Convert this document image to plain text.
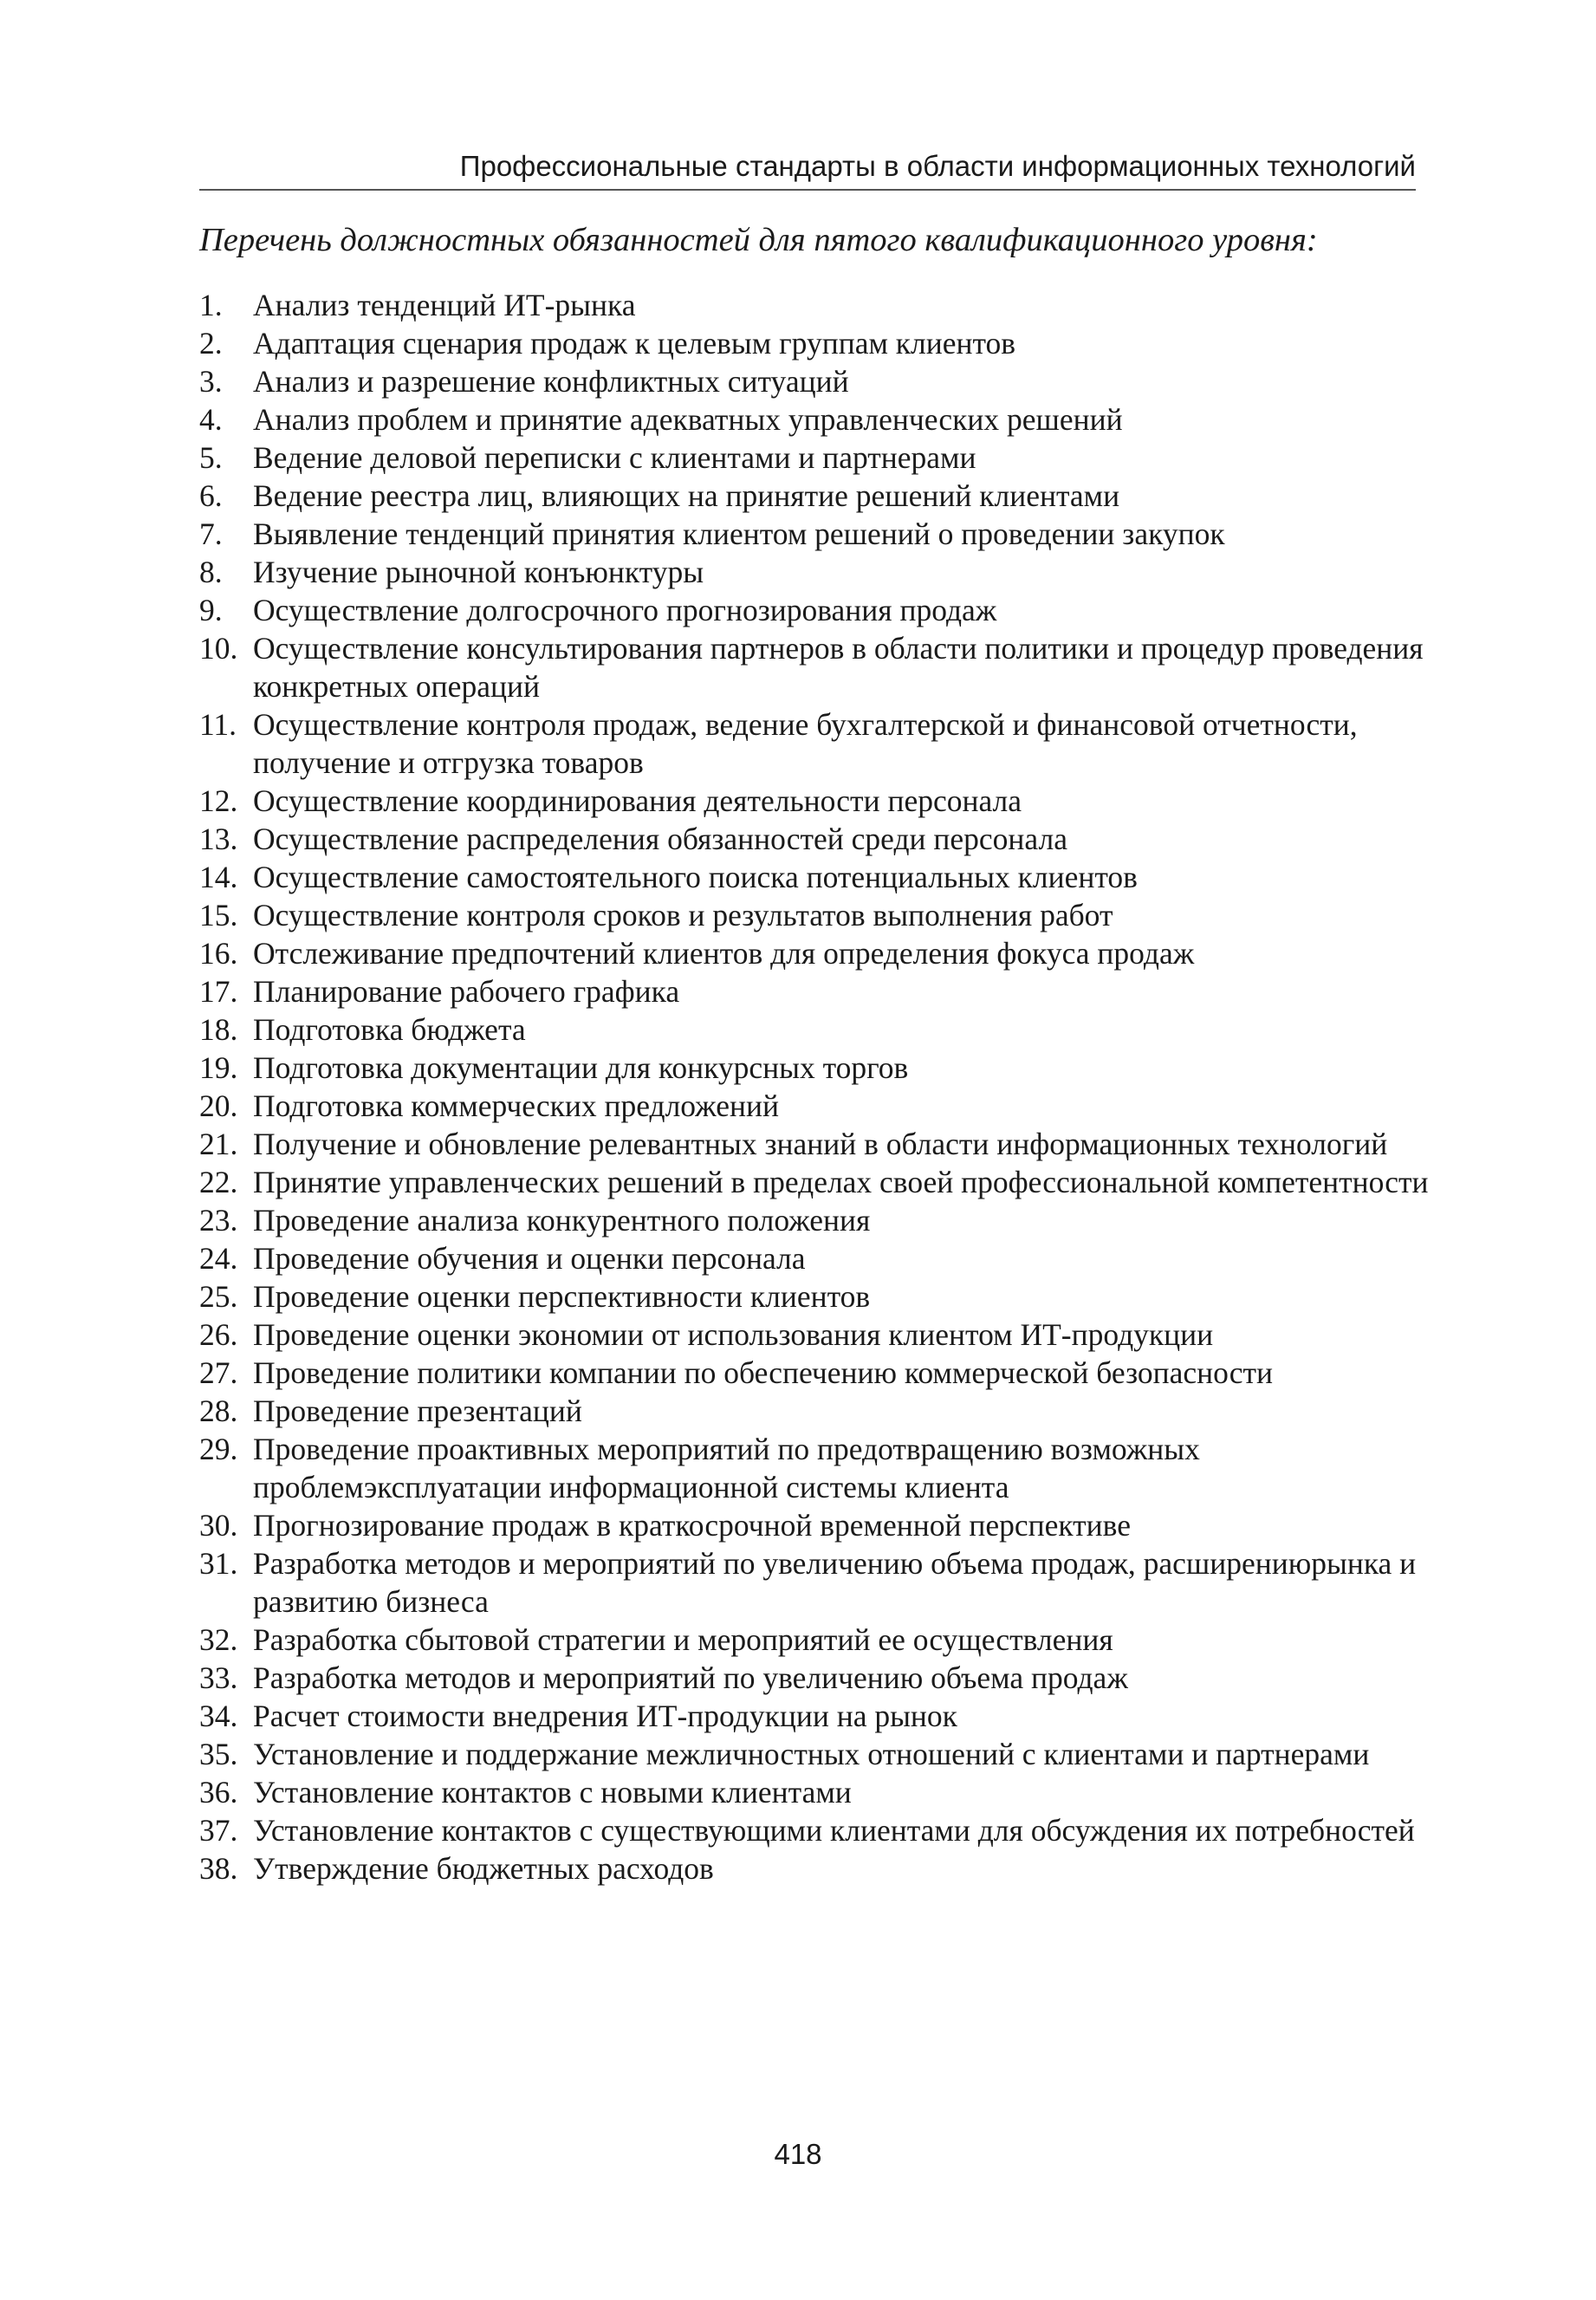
Профессиональные стандарты в области информационных технологий
Перечень должностных обязанностей для пятого квалификационного уровня:
1. Анализ тенденций ИТ-рынка
2. Адаптация сценария продаж к целевым группам клиентов
3. Анализ и разрешение конфликтных ситуаций
4. Анализ проблем и принятие адекватных управленческих решений
5. Ведение деловой переписки с клиентами и партнерами
6. Ведение реестра лиц, влияющих на принятие решений клиентами
7. Выявление тенденций принятия клиентом решений о проведении закупок
8. Изучение рыночной конъюнктуры
9. Осуществление долгосрочного прогнозирования продаж
10. Осуществление консультирования партнеров в области политики и процедур проведения конкретных операций
11. Осуществление контроля продаж, ведение бухгалтерской и финансовой отчетности, получение и отгрузка товаров
12. Осуществление координирования деятельности персонала
13. Осуществление распределения обязанностей среди персонала
14. Осуществление самостоятельного поиска потенциальных клиентов
15. Осуществление контроля сроков и результатов выполнения работ
16. Отслеживание предпочтений клиентов для определения фокуса продаж
17. Планирование рабочего графика
18. Подготовка бюджета
19. Подготовка документации для конкурсных торгов
20. Подготовка коммерческих предложений
21. Получение и обновление релевантных знаний в области информационных технологий
22. Принятие управленческих решений в пределах своей профессиональной компетентности
23. Проведение анализа конкурентного положения
24. Проведение обучения и оценки персонала
25. Проведение оценки перспективности клиентов
26. Проведение оценки экономии от использования клиентом ИТ-продукции
27. Проведение политики компании по обеспечению коммерческой безопасности
28. Проведение презентаций
29. Проведение проактивных мероприятий по предотвращению возможных проблемэксплуатации информационной системы клиента
30. Прогнозирование продаж в краткосрочной временной перспективе
31. Разработка методов и мероприятий по увеличению объема продаж, расширениюрынка и развитию бизнеса
32. Разработка сбытовой стратегии и мероприятий ее осуществления
33. Разработка методов и мероприятий по увеличению объема продаж
34. Расчет стоимости внедрения ИТ-продукции на рынок
35. Установление и поддержание межличностных отношений с клиентами и партнерами
36. Установление контактов с новыми клиентами
37. Установление контактов с существующими клиентами для обсуждения их потребностей
38. Утверждение бюджетных расходов
418
